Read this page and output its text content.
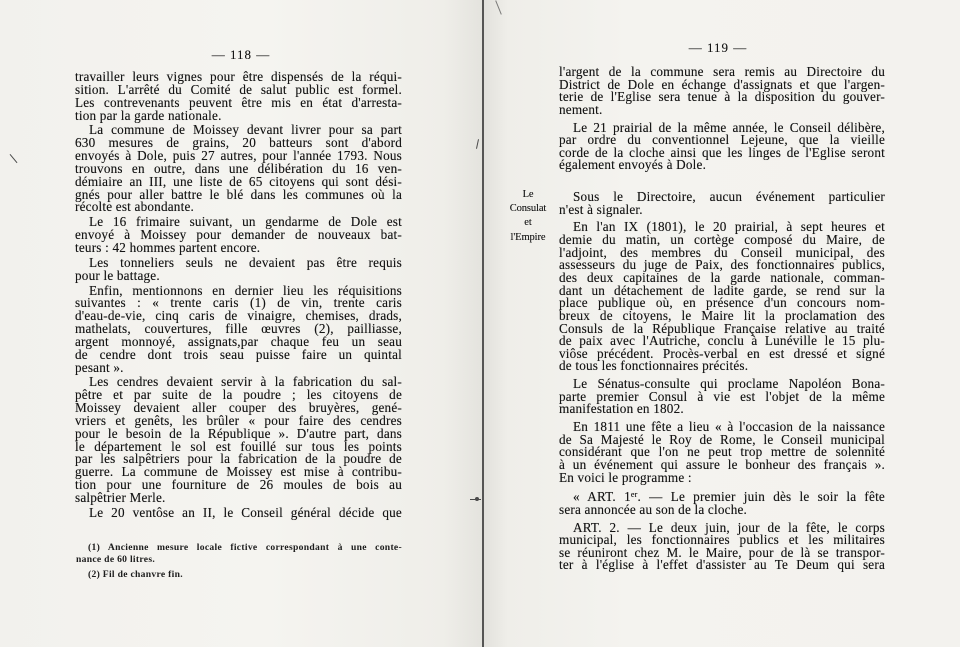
— 118 —
travailler leurs vignes pour être dispensés de la réqui-
sition. L'arrêté du Comité de salut public est formel.
Les contrevenants peuvent être mis en état d'arresta-
tion par la garde nationale.
La commune de Moissey devant livrer pour sa part
630 mesures de grains, 20 batteurs sont d'abord
envoyés à Dole, puis 27 autres, pour l'année 1793. Nous
trouvons en outre, dans une délibération du 16 ven-
démiaire an III, une liste de 65 citoyens qui sont dési-
gnés pour aller battre le blé dans les communes où la
récolte est abondante.
Le 16 frimaire suivant, un gendarme de Dole est
envoyé à Moissey pour demander de nouveaux bat-
teurs : 42 hommes partent encore.
Les tonneliers seuls ne devaient pas être requis
pour le battage.
Enfin, mentionnons en dernier lieu les réquisitions
suivantes : « trente caris (1) de vin, trente caris
d'eau-de-vie, cinq caris de vinaigre, chemises, drads,
mathelats, couvertures, fille œuvres (2), pailliasse,
argent monnoyé, assignats,par chaque feu un seau
de cendre dont trois seau puisse faire un quintal
pesant ».
Les cendres devaient servir à la fabrication du sal-
pêtre et par suite de la poudre ; les citoyens de
Moissey devaient aller couper des bruyères, gené-
vriers et genêts, les brûler « pour faire des cendres
pour le besoin de la République ». D'autre part, dans
le département le sol est fouillé sur tous les points
par les salpêtriers pour la fabrication de la poudre de
guerre. La commune de Moissey est mise à contribu-
tion pour une fourniture de 26 moules de bois au
salpêtrier Merle.
Le 20 ventôse an II, le Conseil général décide que
(1) Ancienne mesure locale fictive correspondant à une conte-
nance de 60 litres.
(2) Fil de chanvre fin.
— 119 —
Le
Consulat
et
l'Empire
l'argent de la commune sera remis au Directoire du
District de Dole en échange d'assignats et que l'argen-
terie de l'Eglise sera tenue à la disposition du gouver-
nement.
Le 21 prairial de la même année, le Conseil délibère,
par ordre du conventionnel Lejeune, que la vieille
corde de la cloche ainsi que les linges de l'Eglise seront
également envoyés à Dole.
Sous le Directoire, aucun événement particulier
n'est à signaler.
En l'an IX (1801), le 20 prairial, à sept heures et
demie du matin, un cortège composé du Maire, de
l'adjoint, des membres du Conseil municipal, des
assesseurs du juge de Paix, des fonctionnaires publics,
des deux capitaines de la garde nationale, comman-
dant un détachement de ladite garde, se rend sur la
place publique où, en présence d'un concours nom-
breux de citoyens, le Maire lit la proclamation des
Consuls de la République Française relative au traité
de paix avec l'Autriche, conclu à Lunéville le 15 plu-
viôse précédent. Procès-verbal en est dressé et signé
de tous les fonctionnaires précités.
Le Sénatus-consulte qui proclame Napoléon Bona-
parte premier Consul à vie est l'objet de la même
manifestation en 1802.
En 1811 une fête a lieu « à l'occasion de la naissance
de Sa Majesté le Roy de Rome, le Conseil municipal
considérant que l'on ne peut trop mettre de solennité
à un événement qui assure le bonheur des français ».
En voici le programme :
« ART. 1er. — Le premier juin dès le soir la fête
sera annoncée au son de la cloche.
ART. 2. — Le deux juin, jour de la fête, le corps
municipal, les fonctionnaires publics et les militaires
se réuniront chez M. le Maire, pour de là se transpor-
ter à l'église à l'effet d'assister au Te Deum qui sera
